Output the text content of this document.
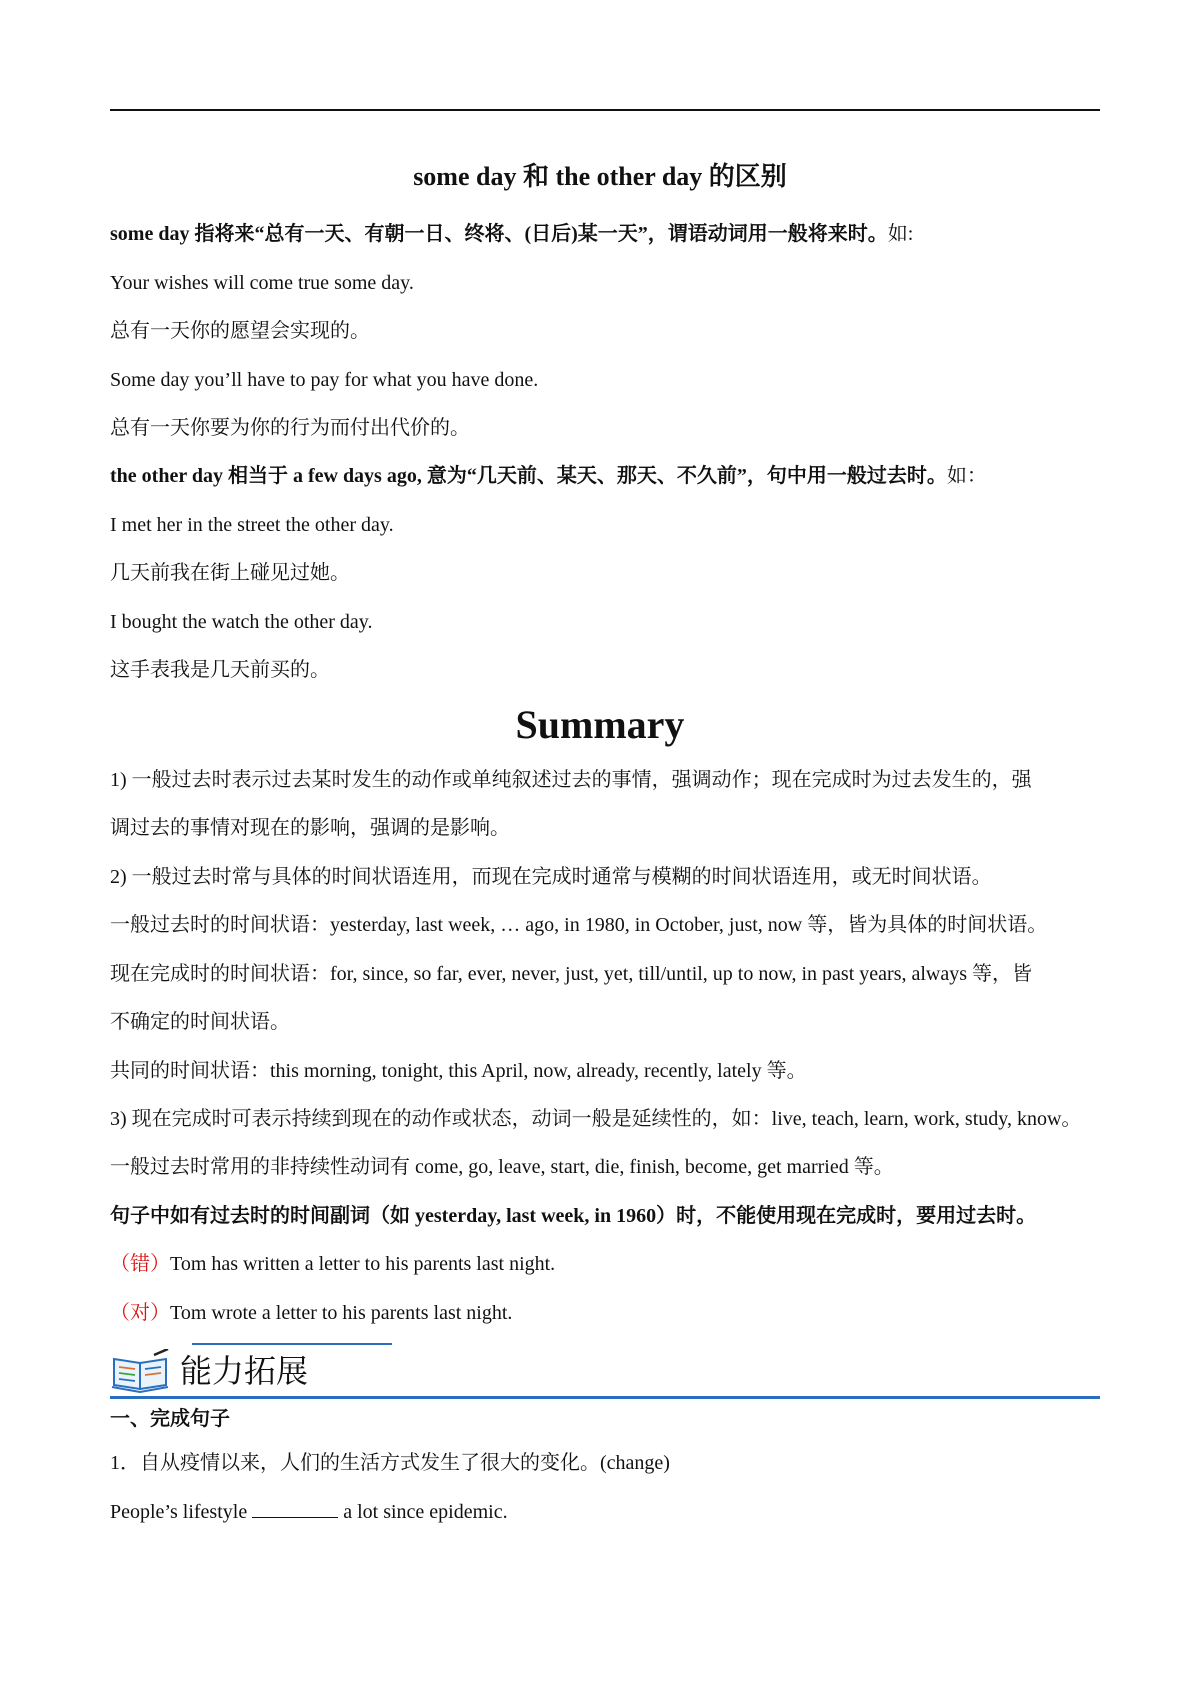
some day 和 the other day 的区别
some day 指将来“总有一天、有朝一日、终将、(日后)某一天”，谓语动词用一般将来时。如:
Your wishes will come true some day.
总有一天你的愿望会实现的。
Some day you’ll have to pay for what you have done.
总有一天你要为你的行为而付出代价的。
the other day 相当于 a few days ago, 意为“几天前、某天、那天、不久前”，句中用一般过去时。如：
I met her in the street the other day.
几天前我在街上碰见过她。
I bought the watch the other day.
这手表我是几天前买的。
Summary
1) 一般过去时表示过去某时发生的动作或单纯叙述过去的事情，强调动作；现在完成时为过去发生的，强
调过去的事情对现在的影响，强调的是影响。
2) 一般过去时常与具体的时间状语连用，而现在完成时通常与模糊的时间状语连用，或无时间状语。
一般过去时的时间状语：yesterday, last week, … ago, in 1980, in October, just, now 等，皆为具体的时间状语。
现在完成时的时间状语：for, since, so far, ever, never, just, yet, till/until, up to now, in past years, always 等，皆
不确定的时间状语。
共同的时间状语：this morning, tonight, this April, now, already, recently, lately 等。
3) 现在完成时可表示持续到现在的动作或状态，动词一般是延续性的，如：live, teach, learn, work, study, know。
一般过去时常用的非持续性动词有 come, go, leave, start, die, finish, become, get married 等。
句子中如有过去时的时间副词（如 yesterday, last week, in 1960）时，不能使用现在完成时，要用过去时。
（错）Tom has written a letter to his parents last night.
（对）Tom wrote a letter to his parents last night.
能力拓展
一、完成句子
1．自从疫情以来，人们的生活方式发生了很大的变化。(change)
People’s lifestyle	a lot since epidemic.
